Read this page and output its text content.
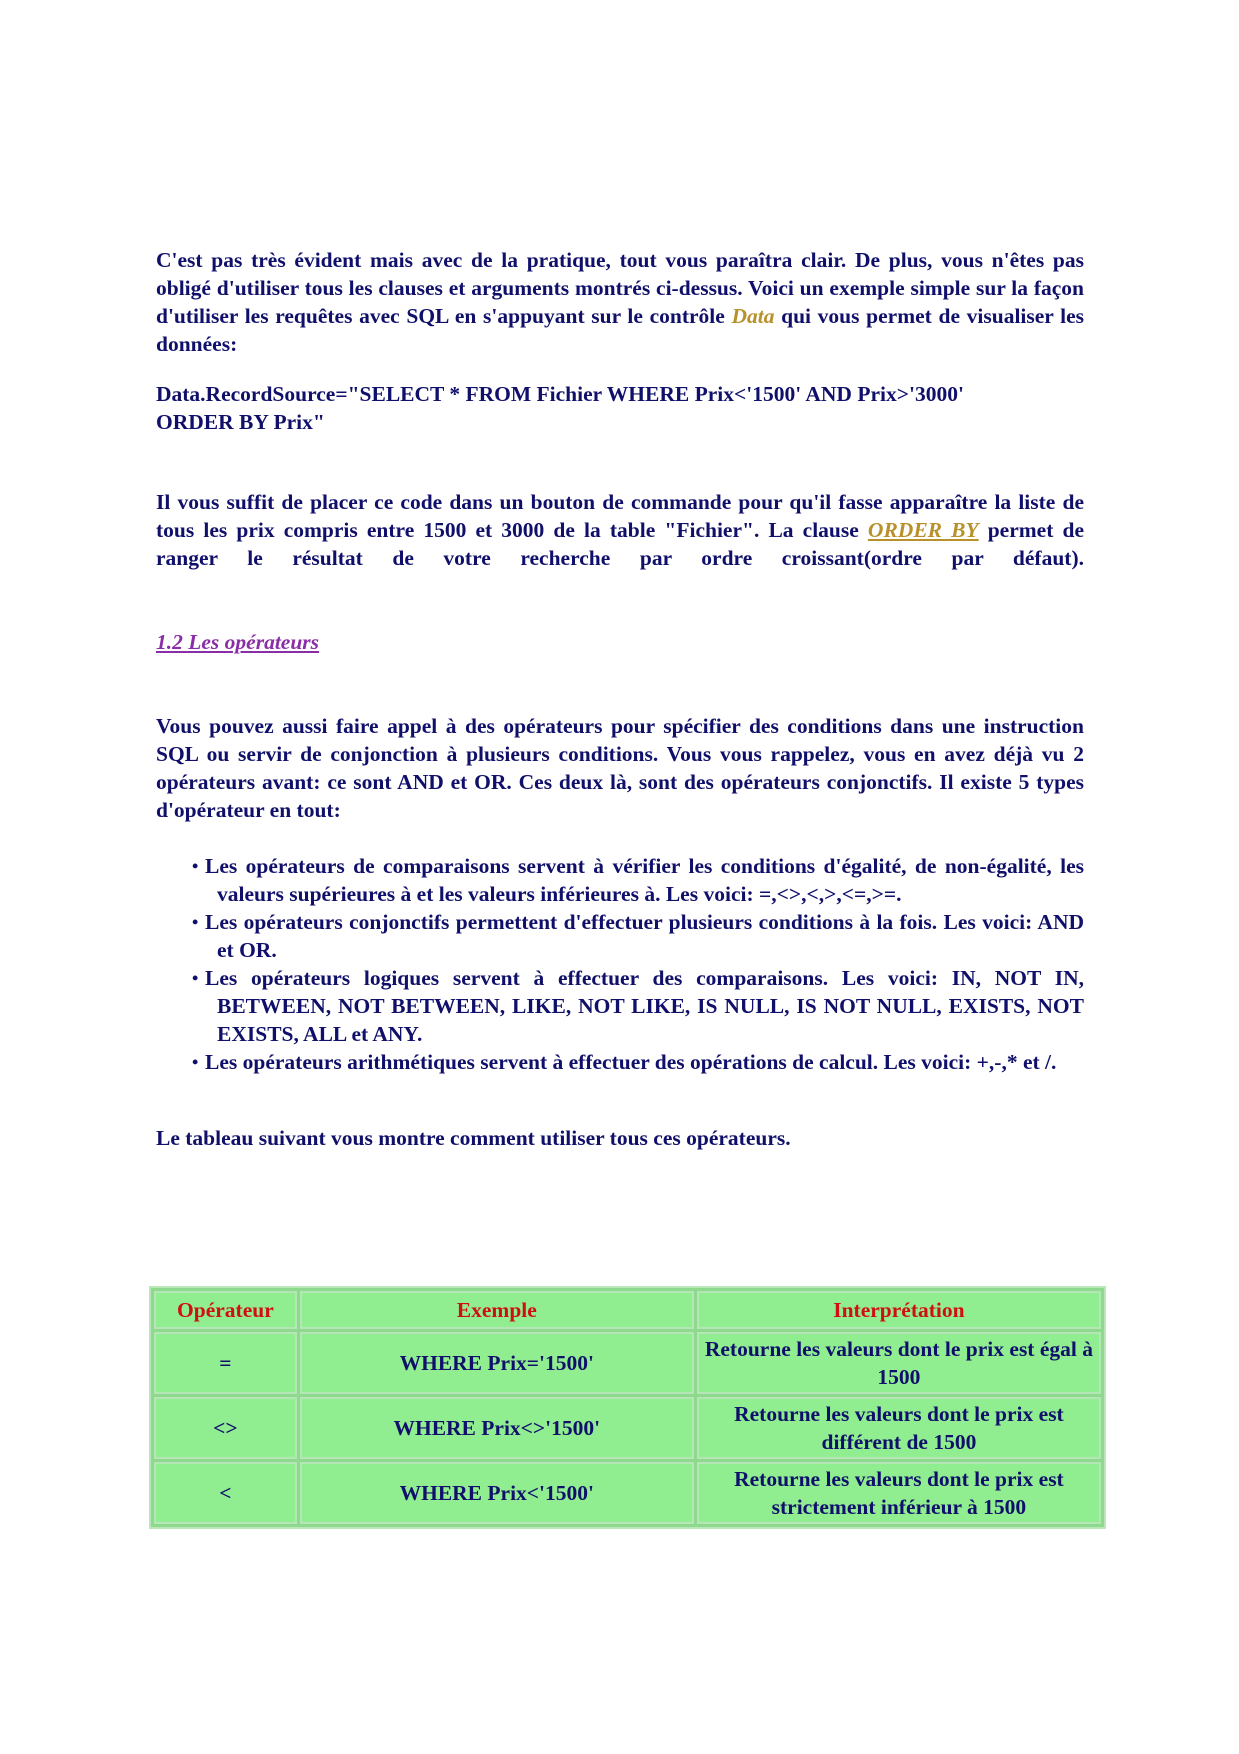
C'est pas très évident mais avec de la pratique, tout vous paraîtra clair. De plus, vous n'êtes pas obligé d'utiliser tous les clauses et arguments montrés ci-dessus. Voici un exemple simple sur la façon d'utiliser les requêtes avec SQL en s'appuyant sur le contrôle Data qui vous permet de visualiser les données:

Data.RecordSource="SELECT * FROM Fichier WHERE Prix<'1500' AND Prix>'3000'
ORDER BY Prix"

Il vous suffit de placer ce code dans un bouton de commande pour qu'il fasse apparaître la liste de tous les prix compris entre 1500 et 3000 de la table "Fichier". La clause ORDER BY permet de ranger le résultat de votre recherche par ordre croissant(ordre par défaut).

1.2 Les opérateurs

Vous pouvez aussi faire appel à des opérateurs pour spécifier des conditions dans une instruction SQL ou servir de conjonction à plusieurs conditions. Vous vous rappelez, vous en avez déjà vu 2 opérateurs avant: ce sont AND et OR. Ces deux là, sont des opérateurs conjonctifs. Il existe 5 types d'opérateur en tout:

• Les opérateurs de comparaisons servent à vérifier les conditions d'égalité, de non-égalité, les valeurs supérieures à et les valeurs inférieures à. Les voici: =,<>,<,>,<=,>=.
• Les opérateurs conjonctifs permettent d'effectuer plusieurs conditions à la fois. Les voici: AND et OR.
• Les opérateurs logiques servent à effectuer des comparaisons. Les voici: IN, NOT IN, BETWEEN, NOT BETWEEN, LIKE, NOT LIKE, IS NULL, IS NOT NULL, EXISTS, NOT EXISTS, ALL et ANY.
• Les opérateurs arithmétiques servent à effectuer des opérations de calcul. Les voici: +,-,* et /.

Le tableau suivant vous montre comment utiliser tous ces opérateurs.

Opérateur	Exemple	Interprétation
=	WHERE Prix='1500'	Retourne les valeurs dont le prix est égal à 1500
<>	WHERE Prix<>'1500'	Retourne les valeurs dont le prix est différent de 1500
<	WHERE Prix<'1500'	Retourne les valeurs dont le prix est strictement inférieur à 1500
